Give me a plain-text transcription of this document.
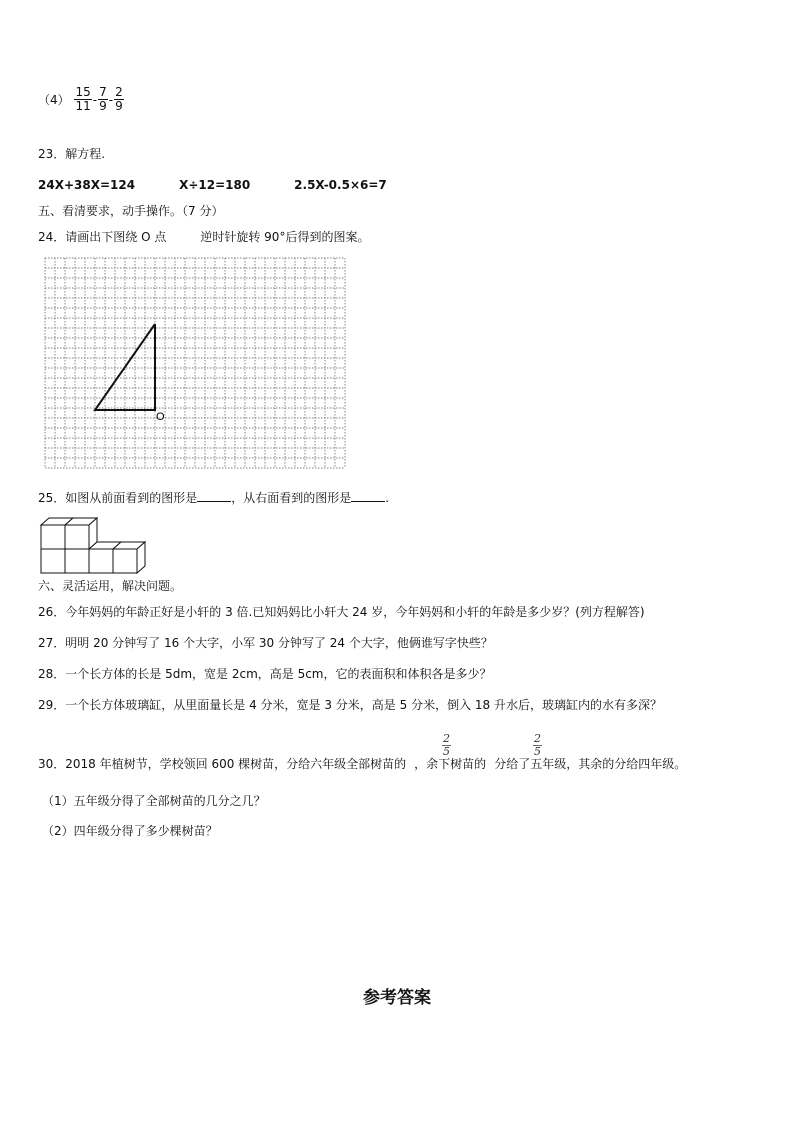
$(4) \frac{15}{11} - \frac{7}{9} - \frac{2}{9}$
23．解方程.
24X+38X=124	X÷12=180	2.5X-0.5×6=7
五、看清要求，动手操作。（7 分）
24．请画出下图绕 O 点	逆时针旋转 90°后得到的图案。
O
25．如图从前面看到的图形是	，从右面看到的图形是	.
六、灵活运用，解决问题。
26．今年妈妈的年龄正好是小轩的 3 倍.已知妈妈比小轩大 24 岁，今年妈妈和小轩的年龄是多少岁？(列方程解答)
27．明明 20 分钟写了 16 个大字，小军 30 分钟写了 24 个大字，他俩谁写字快些？
28．一个长方体的长是 5dm，宽是 2cm，高是 5cm，它的表面积和体积各是多少？
29．一个长方体玻璃缸，从里面量长是 4 分米，宽是 3 分米，高是 5 分米，倒入 18 升水后，玻璃缸内的水有多深？
30．2018 年植树节，学校领回 600 棵树苗，分给六年级全部树苗的 ，余下树苗的 分给了五年级，其余的分给四年级。
$\frac{2}{5}$	$\frac{2}{5}$
（1）五年级分得了全部树苗的几分之几？
（2）四年级分得了多少棵树苗？
参考答案
